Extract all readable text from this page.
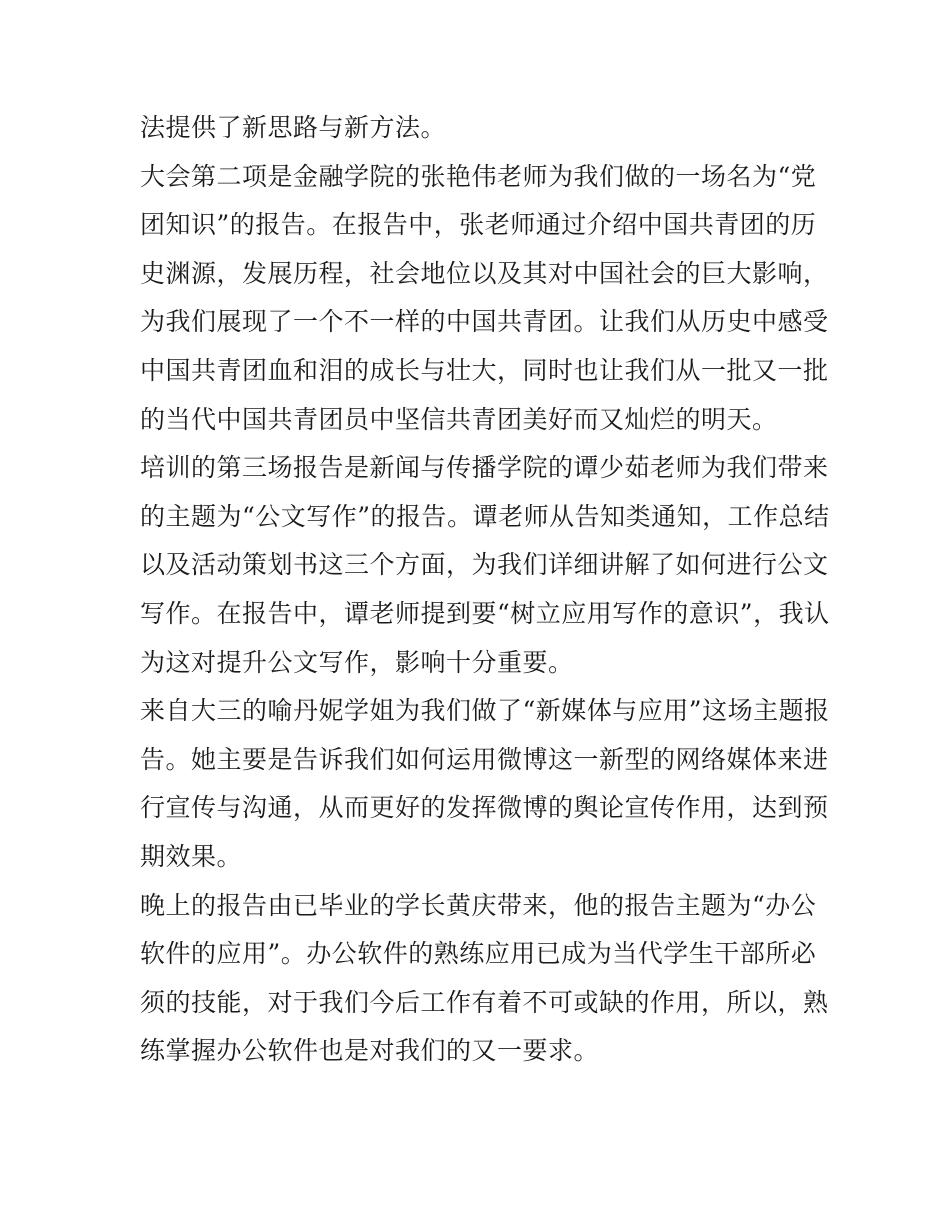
法提供了新思路与新方法。
大会第二项是金融学院的张艳伟老师为我们做的一场名为“党
团知识”的报告。在报告中，张老师通过介绍中国共青团的历
史渊源，发展历程，社会地位以及其对中国社会的巨大影响，
为我们展现了一个不一样的中国共青团。让我们从历史中感受
中国共青团血和泪的成长与壮大，同时也让我们从一批又一批
的当代中国共青团员中坚信共青团美好而又灿烂的明天。
培训的第三场报告是新闻与传播学院的谭少茹老师为我们带来
的主题为“公文写作”的报告。谭老师从告知类通知，工作总结
以及活动策划书这三个方面，为我们详细讲解了如何进行公文
写作。在报告中，谭老师提到要“树立应用写作的意识”，我认
为这对提升公文写作，影响十分重要。
来自大三的喻丹妮学姐为我们做了“新媒体与应用”这场主题报
告。她主要是告诉我们如何运用微博这一新型的网络媒体来进
行宣传与沟通，从而更好的发挥微博的舆论宣传作用，达到预
期效果。
晚上的报告由已毕业的学长黄庆带来，他的报告主题为“办公
软件的应用”。办公软件的熟练应用已成为当代学生干部所必
须的技能，对于我们今后工作有着不可或缺的作用，所以，熟
练掌握办公软件也是对我们的又一要求。
